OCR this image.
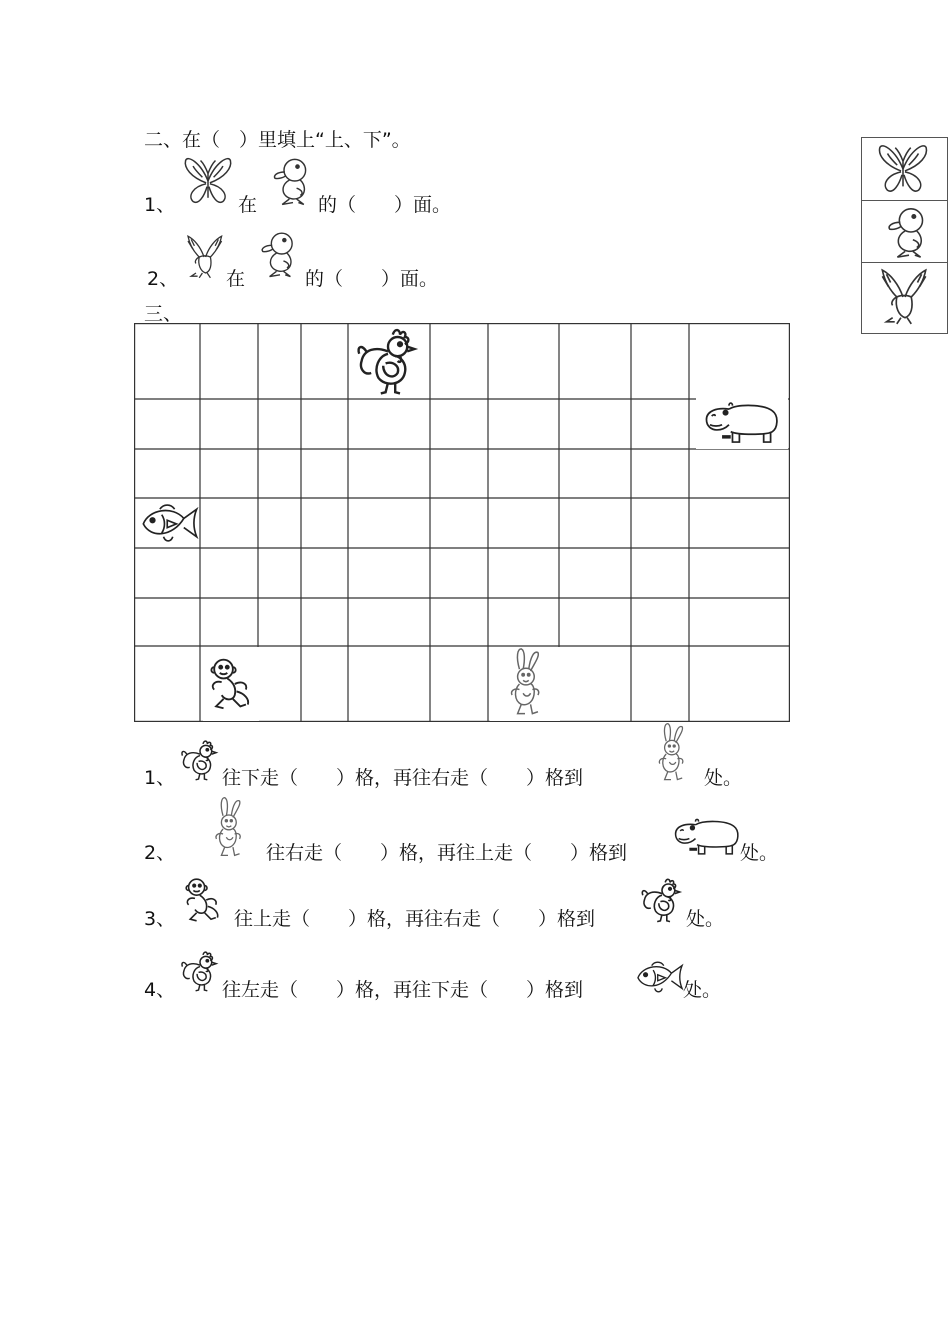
二、在（　）里填上“上、下”。
1、	在	的（　　）面。
2、	在	的（　　）面。
三、
1、 往下走（　　）格，再往右走（　　）格到	处。
2、	往右走（　　）格，再往上走（　　）格到	处。
3、	往上走（　　）格，再往右走（　　）格到	处。
4、 往左走（　　）格，再往下走（　　）格到	处。
